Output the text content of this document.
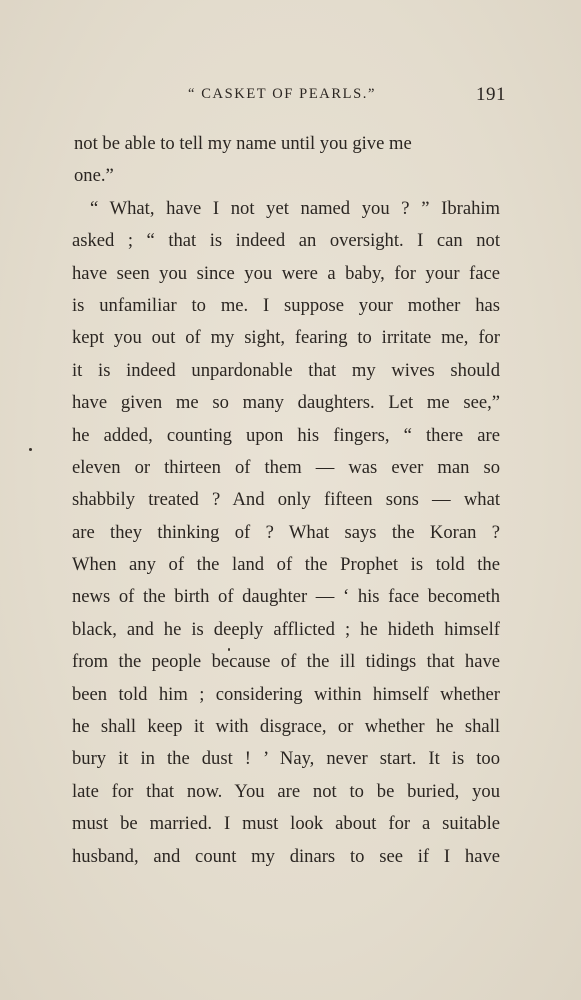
“ CASKET OF PEARLS.”	191
not be able to tell my name until you give me
one.”
“ What, have I not yet named you ? ” Ibrahim
asked ; “ that is indeed an oversight. I can not
have seen you since you were a baby, for your face
is unfamiliar to me. I suppose your mother has
kept you out of my sight, fearing to irritate me, for
it is indeed unpardonable that my wives should
have given me so many daughters. Let me see,”
he added, counting upon his fingers, “ there are
eleven or thirteen of them — was ever man so
shabbily treated ? And only fifteen sons — what
are they thinking of ? What says the Koran ?
When any of the land of the Prophet is told the
news of the birth of daughter — ‘ his face becometh
black, and he is deeply afflicted ; he hideth himself
from the people because of the ill tidings that have
been told him ; considering within himself whether
he shall keep it with disgrace, or whether he shall
bury it in the dust ! ’ Nay, never start. It is too
late for that now. You are not to be buried, you
must be married. I must look about for a suitable
husband, and count my dinars to see if I have
